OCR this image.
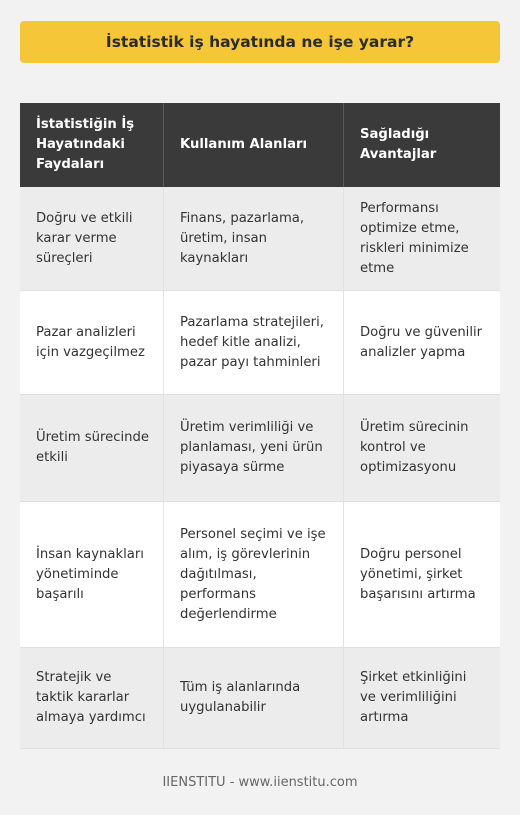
İstatistik iş hayatında ne işe yarar?
İstatistiğin İş Hayatındaki Faydaları
Kullanım Alanları
Sağladığı Avantajlar
Doğru ve etkili karar verme süreçleri
Finans, pazarlama, üretim, insan kaynakları
Performansı optimize etme, riskleri minimize etme
Pazar analizleri için vazgeçilmez
Pazarlama stratejileri, hedef kitle analizi, pazar payı tahminleri
Doğru ve güvenilir analizler yapma
Üretim sürecinde etkili
Üretim verimliliği ve planlaması, yeni ürün piyasaya sürme
Üretim sürecinin kontrol ve optimizasyonu
İnsan kaynakları yönetiminde başarılı
Personel seçimi ve işe alım, iş görevlerinin dağıtılması, performans değerlendirme
Doğru personel yönetimi, şirket başarısını artırma
Stratejik ve taktik kararlar almaya yardımcı
Tüm iş alanlarında uygulanabilir
Şirket etkinliğini ve verimliliğini artırma
IIENSTITU - www.iienstitu.com
